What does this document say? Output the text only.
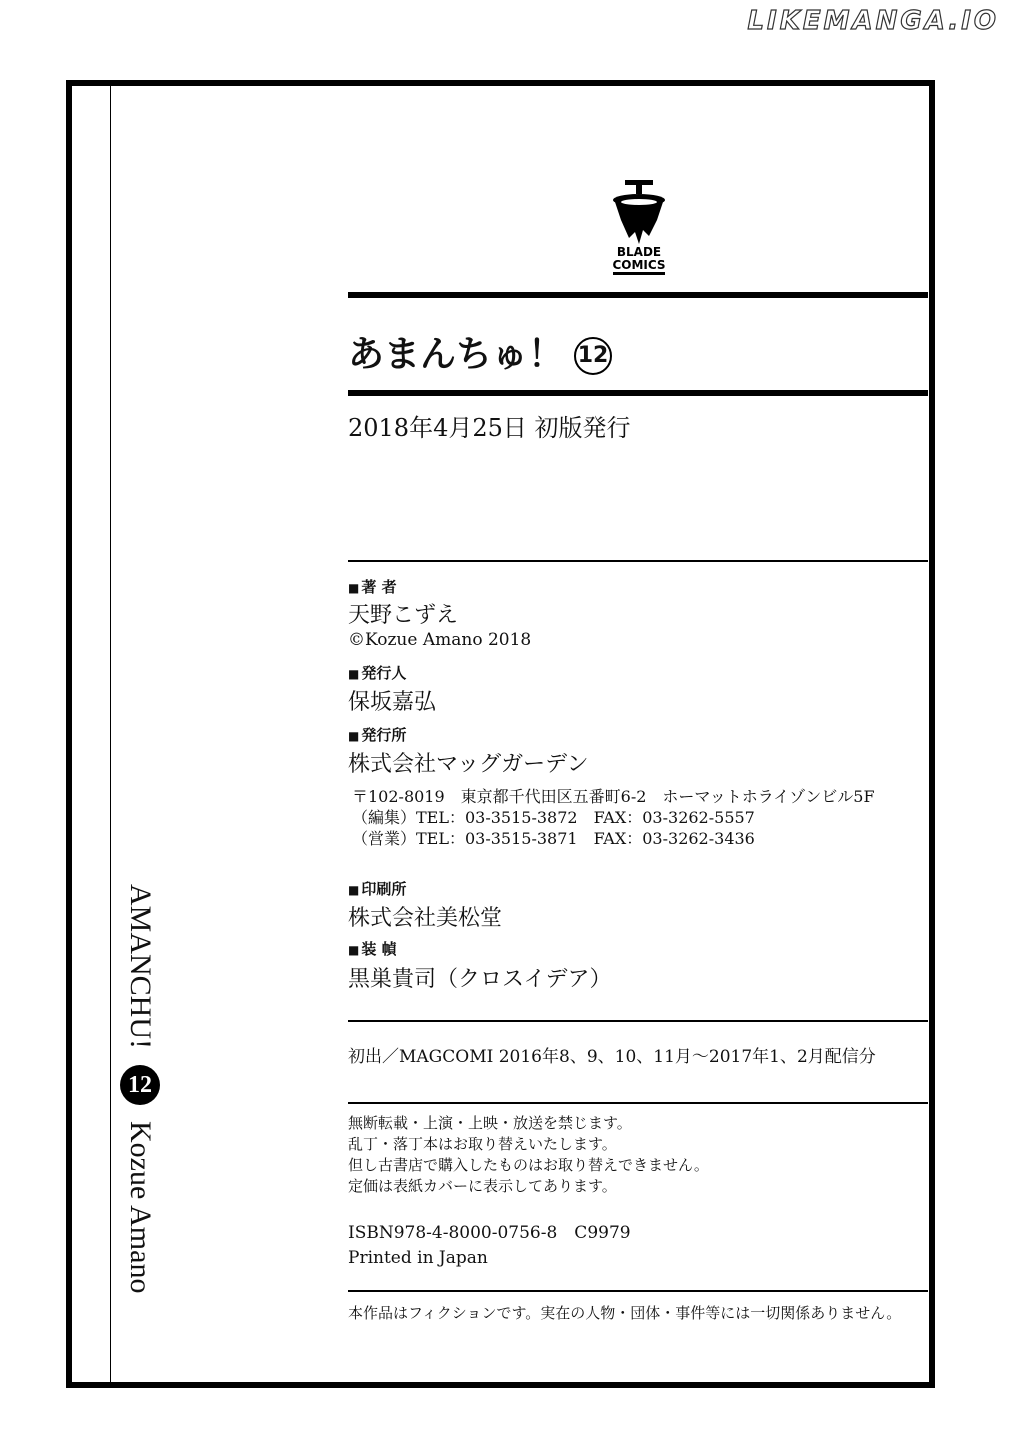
LIKEMANGA.IO
AMANCHU!
12
Kozue Amano
BLADE
COMICS
あまんちゅ！ 12
2018年4月25日 初版発行
■ 著 者
天野こずえ
©Kozue Amano 2018
■ 発行人
保坂嘉弘
■ 発行所
株式会社マッグガーデン
〒102-8019　東京都千代田区五番町6-2　ホーマットホライゾンビル5F
（編集）TEL：03-3515-3872　FAX：03-3262-5557
（営業）TEL：03-3515-3871　FAX：03-3262-3436
■ 印刷所
株式会社美松堂
■ 装 幀
黒巣貴司（クロスイデア）
初出／MAGCOMI 2016年8、9、10、11月〜2017年1、2月配信分
無断転載・上演・上映・放送を禁じます。
乱丁・落丁本はお取り替えいたします。
但し古書店で購入したものはお取り替えできません。
定価は表紙カバーに表示してあります。
ISBN978-4-8000-0756-8　C9979
Printed in Japan
本作品はフィクションです。実在の人物・団体・事件等には一切関係ありません。
